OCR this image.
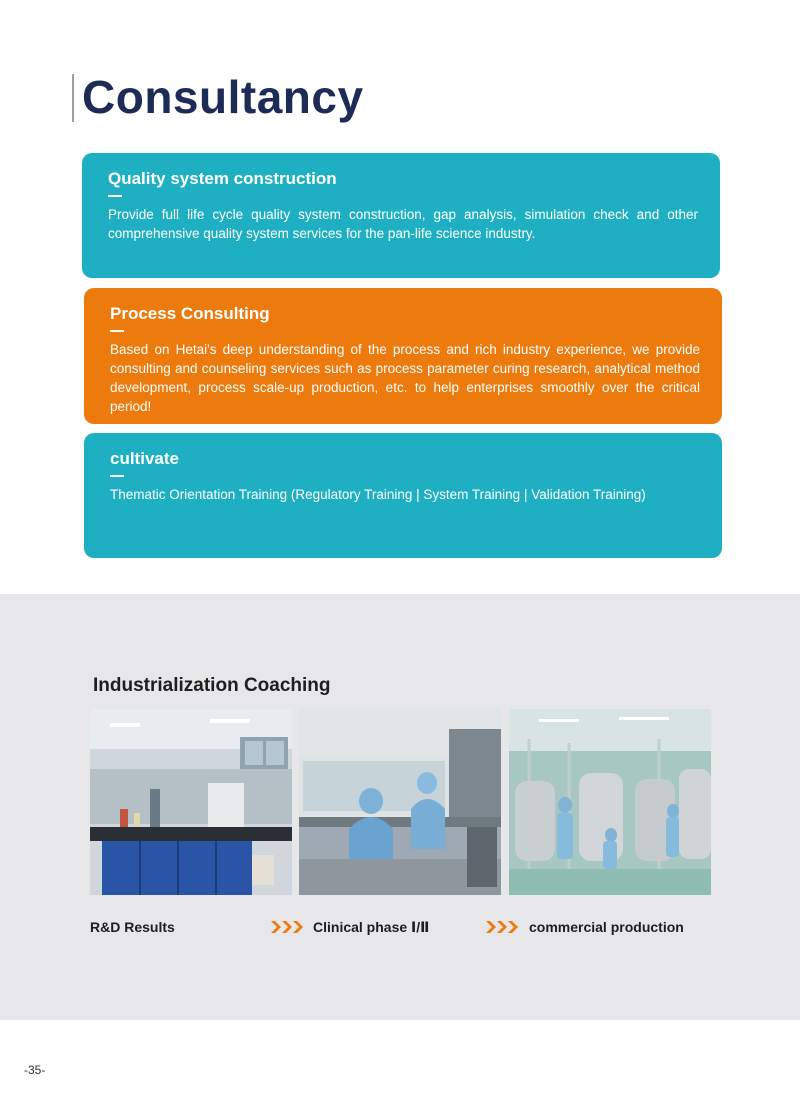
Consultancy

Quality system construction

Provide full life cycle quality system construction, gap analysis, simulation check and other comprehensive quality system services for the pan-life science industry.

Process Consulting

Based on Hetai's deep understanding of the process and rich industry experience, we provide consulting and counseling services such as process parameter curing research, analytical method development, process scale-up production, etc. to help enterprises smoothly over the critical period!

cultivate

Thematic Orientation Training (Regulatory Training | System Training | Validation Training)

Industrialization Coaching
R&D Results	Clinical phase Ⅰ/Ⅱ	commercial production
-35-
